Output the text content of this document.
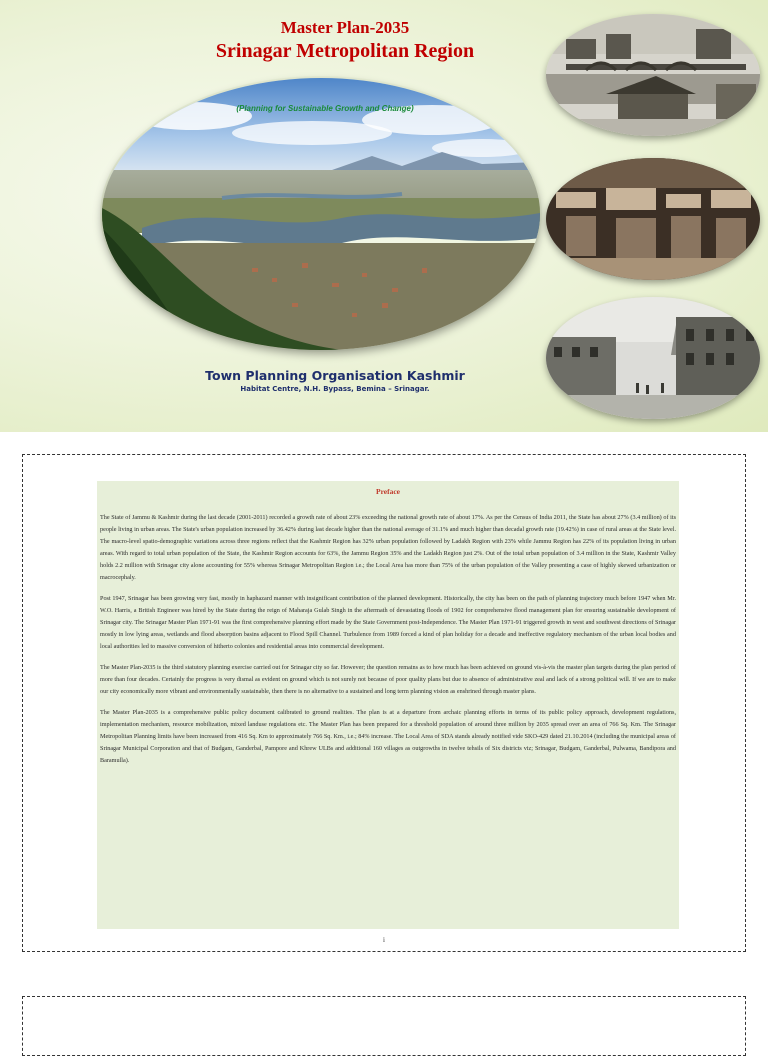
Master Plan-2035
Srinagar Metropolitan Region
(Planning for Sustainable Growth and Change)
Town Planning Organisation Kashmir
Habitat Centre, N.H. Bypass, Bemina – Srinagar.
Preface

The State of Jammu & Kashmir during the last decade (2001-2011) recorded a growth rate of about 23% exceeding the national growth rate of about 17%. As per the Census of India 2011, the State has about 27% (3.4 million) of its people living in urban areas. The State's urban population increased by 36.42% during last decade higher than the national average of 31.1% and much higher than decadal growth rate (19.42%) in case of rural areas at the State level. The macro-level spatio-demographic variations across three regions reflect that the Kashmir Region has 32% urban population followed by Ladakh Region with 23% while Jammu Region has 22% of its population living in urban areas. With regard to total urban population of the State, the Kashmir Region accounts for 63%, the Jammu Region 35% and the Ladakh Region just 2%. Out of the total urban population of 3.4 million in the State, Kashmir Valley holds 2.2 million with Srinagar city alone accounting for 55% whereas Srinagar Metropolitan Region i.e.; the Local Area has more than 75% of the urban population of the Valley presenting a case of highly skewed urbanization or macrocephaly.

Post 1947, Srinagar has been growing very fast, mostly in haphazard manner with insignificant contribution of the planned development. Historically, the city has been on the path of planning trajectory much before 1947 when Mr. W.O. Harris, a British Engineer was hired by the State during the reign of Maharaja Gulab Singh in the aftermath of devastating floods of 1902 for comprehensive flood management plan for ensuring sustainable development of Srinagar city. The Srinagar Master Plan 1971-91 was the first comprehensive planning effort made by the State Government post-Independence. The Master Plan 1971-91 triggered growth in west and southwest directions of Srinagar mostly in low lying areas, wetlands and flood absorption basins adjacent to Flood Spill Channel. Turbulence from 1989 forced a kind of plan holiday for a decade and ineffective regulatory mechanism of the urban local bodies and local authorities led to massive conversion of hitherto colonies and residential areas into commercial development.

The Master Plan-2035 is the third statutory planning exercise carried out for Srinagar city so far. However; the question remains as to how much has been achieved on ground vis-à-vis the master plan targets during the plan period of more than four decades. Certainly the progress is very dismal as evident on ground which is not surely not because of poor quality plans but due to absence of administrative zeal and lack of a strong political will. If we are to make our city economically more vibrant and environmentally sustainable, then there is no alternative to a sustained and long term planning vision as enshrined through master plans.

The Master Plan-2035 is a comprehensive public policy document calibrated to ground realities. The plan is at a departure from archaic planning efforts in terms of its public policy approach, development regulations, implementation mechanism, resource mobilization, mixed landuse regulations etc. The Master Plan has been prepared for a threshold population of around three million by 2035 spread over an area of 766 Sq. Km. The Srinagar Metropolitan Planning limits have been increased from 416 Sq. Km to approximately 766 Sq. Km., i.e.; 84% increase. The Local Area of SDA stands already notified vide SKO-429 dated 21.10.2014 (including the municipal areas of Srinagar Municipal Corporation and that of Budgam, Ganderbal, Pampore and Khrew ULBs and additional 160 villages as outgrowths in twelve tehsils of Six districts viz; Srinagar, Budgam, Ganderbal, Pulwama, Bandipora and Baramulla).

i
